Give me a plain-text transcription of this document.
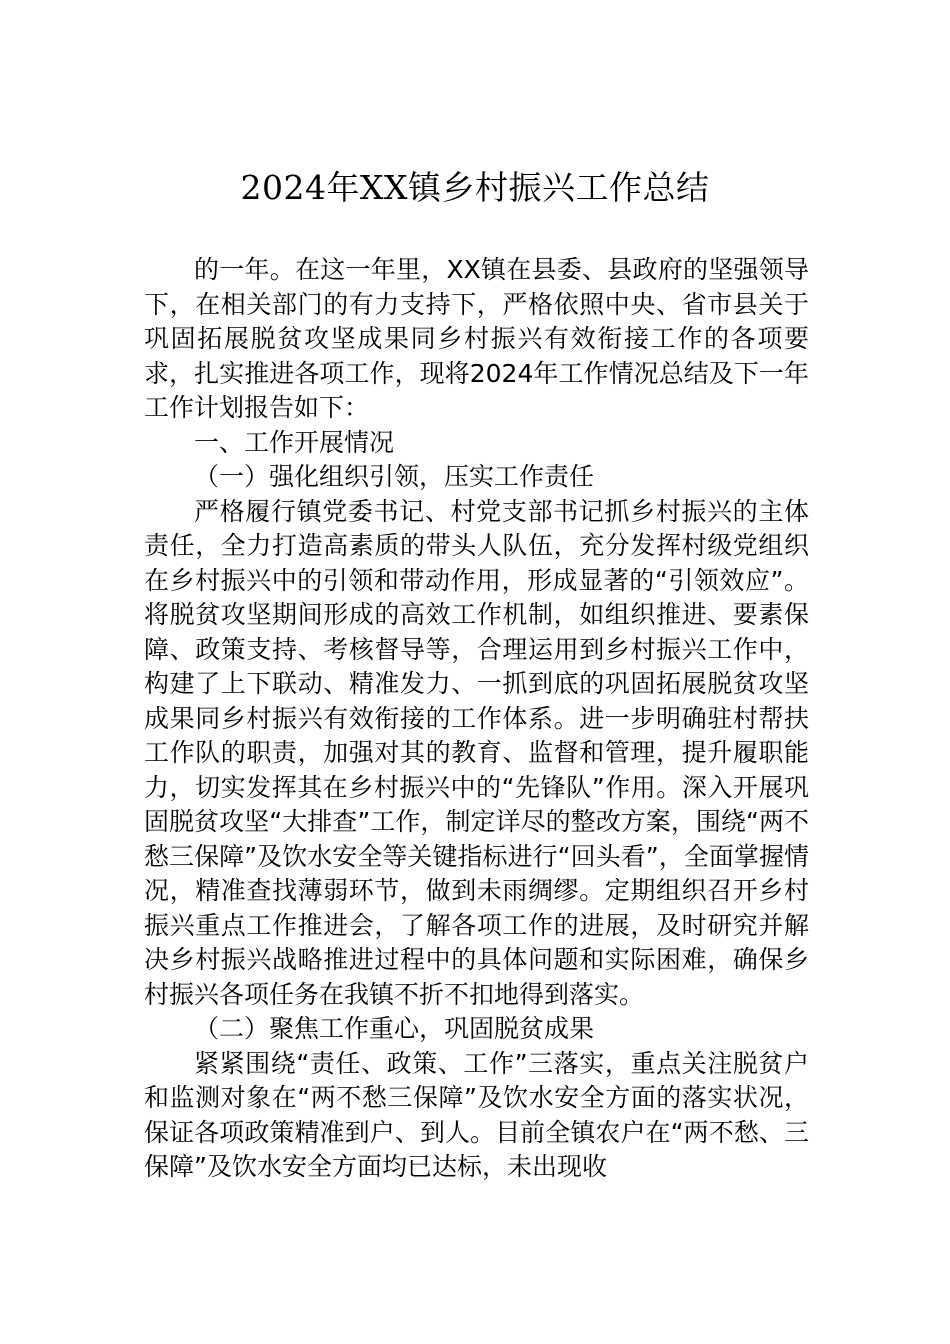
2024年XX镇乡村振兴工作总结

的一年。在这一年里，XX镇在县委、县政府的坚强领导下，在相关部门的有力支持下，严格依照中央、省市县关于巩固拓展脱贫攻坚成果同乡村振兴有效衔接工作的各项要求，扎实推进各项工作，现将2024年工作情况总结及下一年工作计划报告如下：

一、工作开展情况

（一）强化组织引领，压实工作责任

严格履行镇党委书记、村党支部书记抓乡村振兴的主体责任，全力打造高素质的带头人队伍，充分发挥村级党组织在乡村振兴中的引领和带动作用，形成显著的“引领效应”。将脱贫攻坚期间形成的高效工作机制，如组织推进、要素保障、政策支持、考核督导等，合理运用到乡村振兴工作中，构建了上下联动、精准发力、一抓到底的巩固拓展脱贫攻坚成果同乡村振兴有效衔接的工作体系。进一步明确驻村帮扶工作队的职责，加强对其的教育、监督和管理，提升履职能力，切实发挥其在乡村振兴中的“先锋队”作用。深入开展巩固脱贫攻坚“大排查”工作，制定详尽的整改方案，围绕“两不愁三保障”及饮水安全等关键指标进行“回头看”，全面掌握情况，精准查找薄弱环节，做到未雨绸缪。定期组织召开乡村振兴重点工作推进会，了解各项工作的进展，及时研究并解决乡村振兴战略推进过程中的具体问题和实际困难，确保乡村振兴各项任务在我镇不折不扣地得到落实。

（二）聚焦工作重心，巩固脱贫成果

紧紧围绕“责任、政策、工作”三落实，重点关注脱贫户和监测对象在“两不愁三保障”及饮水安全方面的落实状况，保证各项政策精准到户、到人。目前全镇农户在“两不愁、三保障”及饮水安全方面均已达标，未出现收
